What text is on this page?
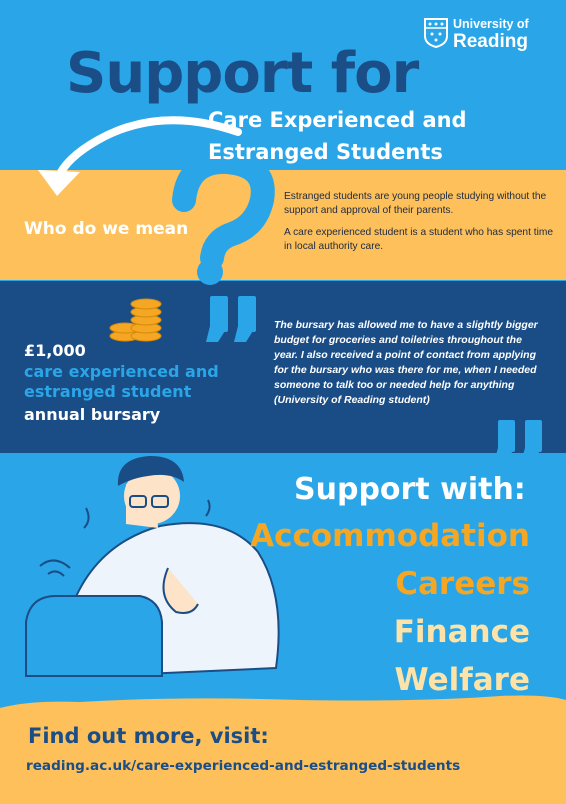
University of
Reading
Support for
Care Experienced and
Estranged Students
Who do we mean

Estranged students are young people studying without the support and approval of their parents.

A care experienced student is a student who has spent time in local authority care.

£1,000
care experienced and estranged student
annual bursary

The bursary has allowed me to have a slightly bigger budget for groceries and toiletries throughout the year. I also received a point of contact from applying for the bursary who was there for me, when I needed someone to talk too or needed help for anything (University of Reading student)

Support with:
Accommodation
Careers
Finance
Welfare
Find out more, visit:
reading.ac.uk/care-experienced-and-estranged-students
